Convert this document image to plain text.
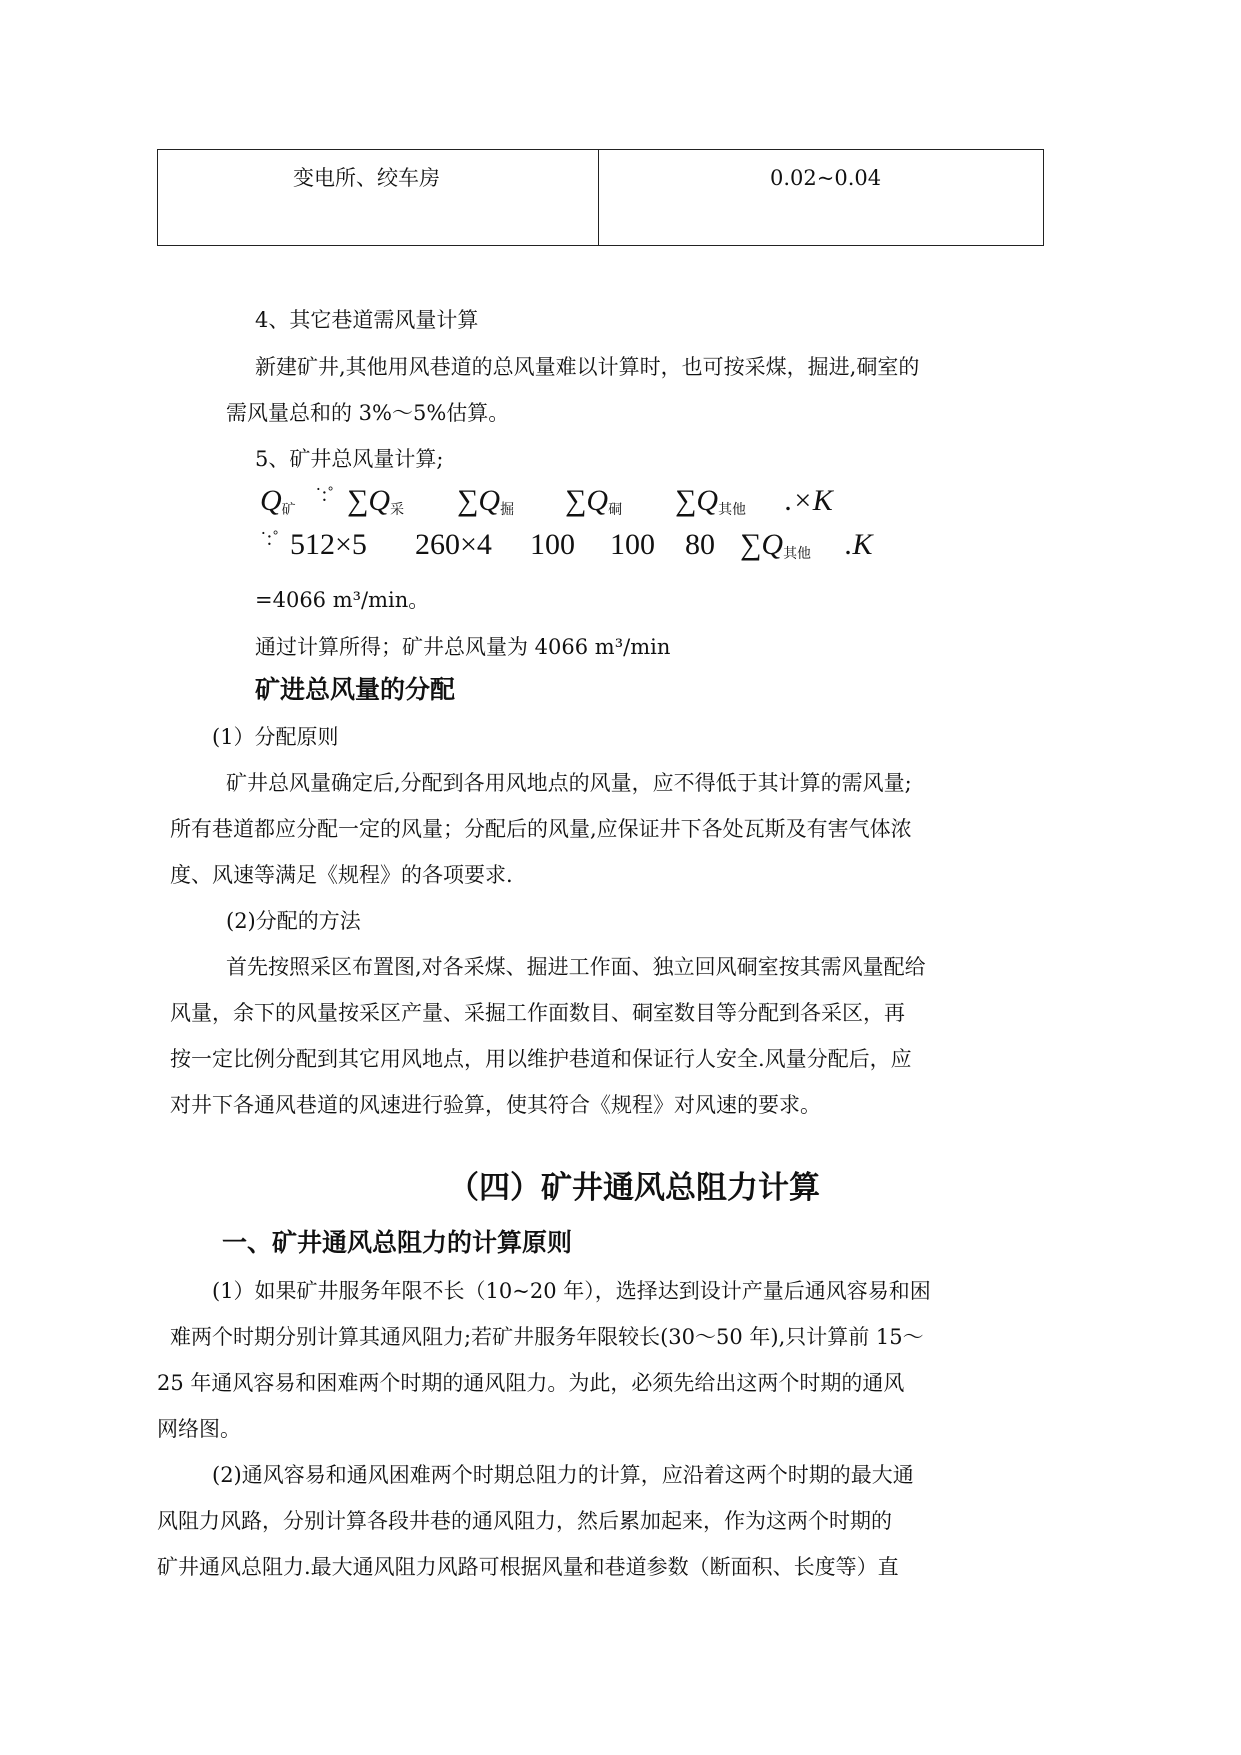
变电所、绞车房	0.02~0.04
4、其它巷道需风量计算
新建矿井,其他用风巷道的总风量难以计算时，也可按采煤，掘进,硐室的
需风量总和的 3%～5%估算。
5、矿井总风量计算;
$Q_矿$
˙:˚ $\sum Q_采$ $\sum Q_掘$ $\sum Q_硐$ $\sum Q_{其他}$ .×K
˙:˚ 512×5 260×4 100 100 80 $\sum Q_{其他}$ .K
=4066 m³/min。
通过计算所得；矿井总风量为 4066 m³/min
矿进总风量的分配
(1）分配原则
矿井总风量确定后,分配到各用风地点的风量，应不得低于其计算的需风量;
所有巷道都应分配一定的风量；分配后的风量,应保证井下各处瓦斯及有害气体浓
度、风速等满足《规程》的各项要求.
(2)分配的方法
首先按照采区布置图,对各采煤、掘进工作面、独立回风硐室按其需风量配给
风量，余下的风量按采区产量、采掘工作面数目、硐室数目等分配到各采区，再
按一定比例分配到其它用风地点，用以维护巷道和保证行人安全.风量分配后，应
对井下各通风巷道的风速进行验算，使其符合《规程》对风速的要求。
（四）矿井通风总阻力计算
一、矿井通风总阻力的计算原则
(1）如果矿井服务年限不长（10~20 年），选择达到设计产量后通风容易和困
难两个时期分别计算其通风阻力;若矿井服务年限较长(30～50 年),只计算前 15～
25 年通风容易和困难两个时期的通风阻力。为此，必须先给出这两个时期的通风
网络图。
(2)通风容易和通风困难两个时期总阻力的计算，应沿着这两个时期的最大通
风阻力风路，分别计算各段井巷的通风阻力，然后累加起来，作为这两个时期的
矿井通风总阻力.最大通风阻力风路可根据风量和巷道参数（断面积、长度等）直
